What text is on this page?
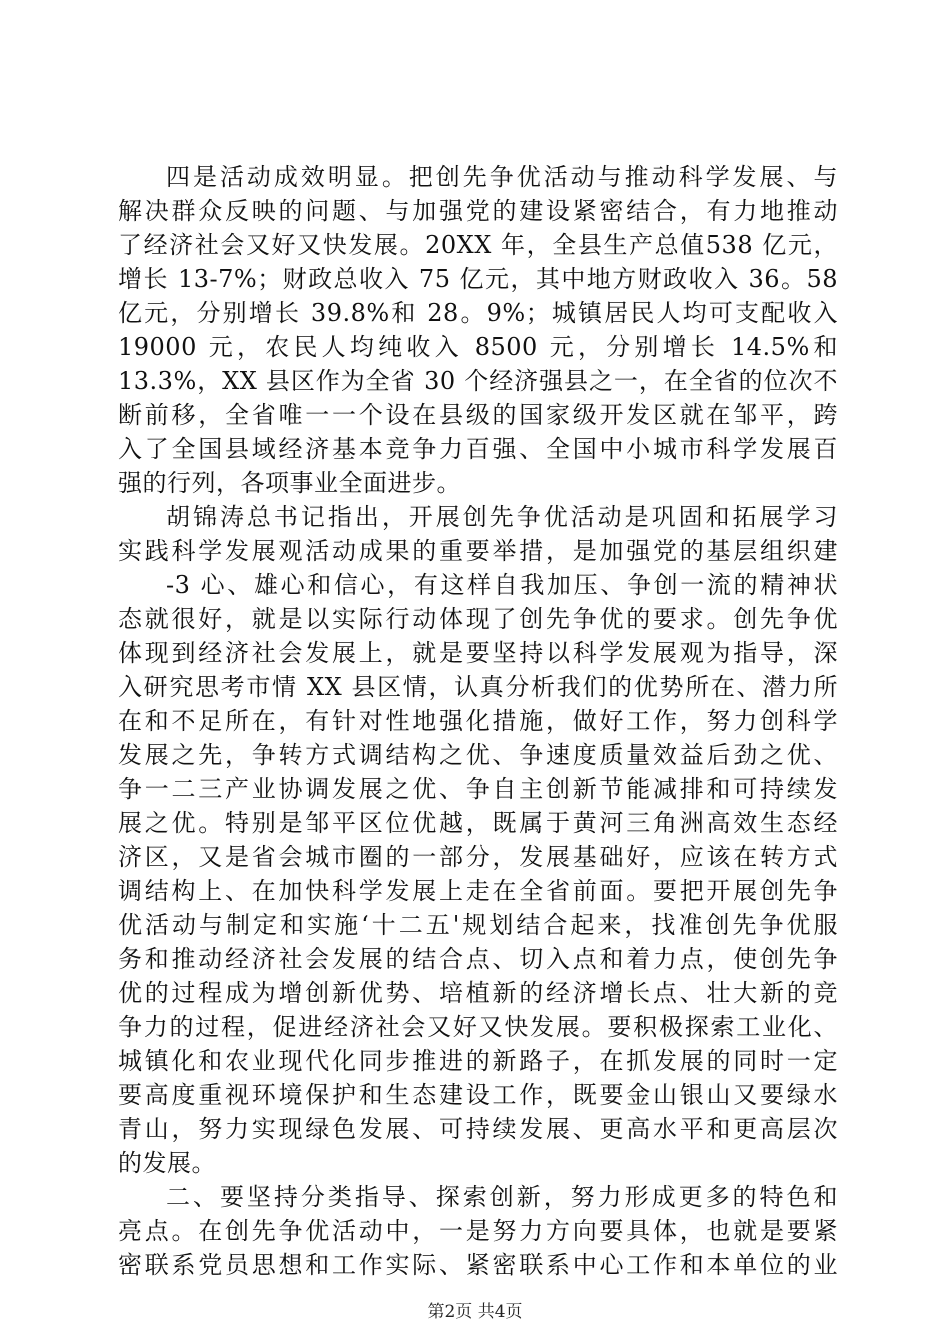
四是活动成效明显。把创先争优活动与推动科学发展、与
解决群众反映的问题、与加强党的建设紧密结合，有力地推动
了经济社会又好又快发展。20XX 年，全县生产总值538 亿元，
增长 13-7%；财政总收入 75 亿元，其中地方财政收入 36。58
亿元，分别增长 39.8%和 28。9%；城镇居民人均可支配收入
19000 元，农民人均纯收入 8500 元，分别增长 14.5%和
13.3%，XX 县区作为全省 30 个经济强县之一，在全省的位次不
断前移，全省唯一一个设在县级的国家级开发区就在邹平，跨
入了全国县域经济基本竞争力百强、全国中小城市科学发展百
强的行列，各项事业全面进步。
胡锦涛总书记指出，开展创先争优活动是巩固和拓展学习
实践科学发展观活动成果的重要举措，是加强党的基层组织建
-3 心、雄心和信心，有这样自我加压、争创一流的精神状
态就很好，就是以实际行动体现了创先争优的要求。创先争优
体现到经济社会发展上，就是要坚持以科学发展观为指导，深
入研究思考市情 XX 县区情，认真分析我们的优势所在、潜力所
在和不足所在，有针对性地强化措施，做好工作，努力创科学
发展之先，争转方式调结构之优、争速度质量效益后劲之优、
争一二三产业协调发展之优、争自主创新节能减排和可持续发
展之优。特别是邹平区位优越，既属于黄河三角洲高效生态经
济区，又是省会城市圈的一部分，发展基础好，应该在转方式
调结构上、在加快科学发展上走在全省前面。要把开展创先争
优活动与制定和实施‘十二五'规划结合起来，找准创先争优服
务和推动经济社会发展的结合点、切入点和着力点，使创先争
优的过程成为增创新优势、培植新的经济增长点、壮大新的竞
争力的过程，促进经济社会又好又快发展。要积极探索工业化、
城镇化和农业现代化同步推进的新路子，在抓发展的同时一定
要高度重视环境保护和生态建设工作，既要金山银山又要绿水
青山，努力实现绿色发展、可持续发展、更高水平和更高层次
的发展。
二、要坚持分类指导、探索创新，努力形成更多的特色和
亮点。在创先争优活动中，一是努力方向要具体，也就是要紧
密联系党员思想和工作实际、紧密联系中心工作和本单位的业
第2页 共4页
